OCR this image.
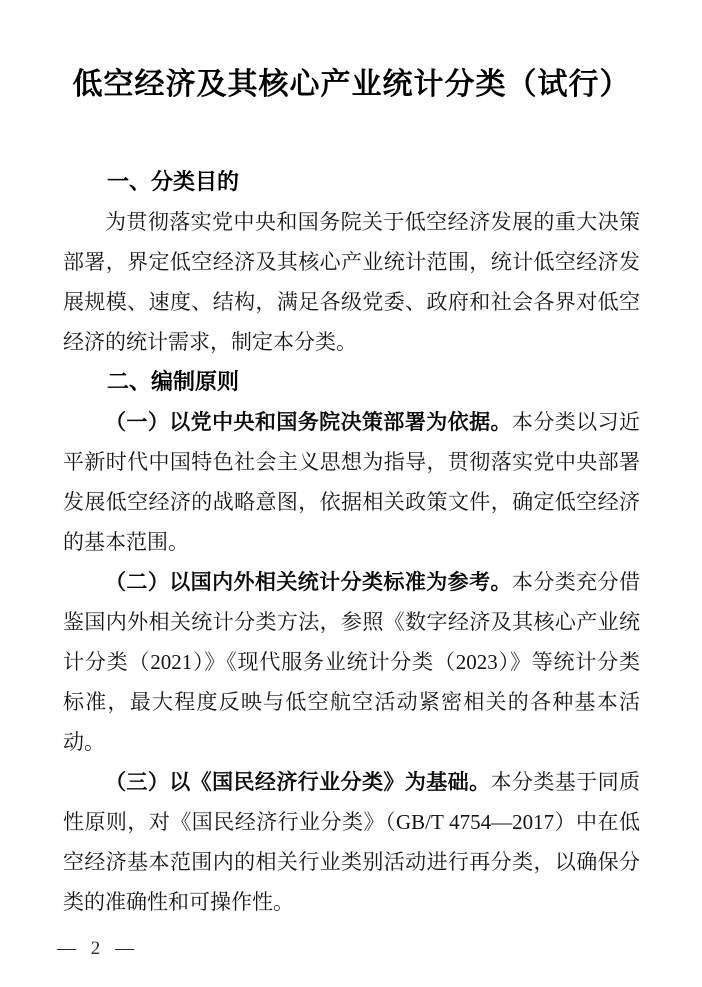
低空经济及其核心产业统计分类（试行）
一、分类目的

为贯彻落实党中央和国务院关于低空经济发展的重大决策部署，界定低空经济及其核心产业统计范围，统计低空经济发展规模、速度、结构，满足各级党委、政府和社会各界对低空经济的统计需求，制定本分类。

二、编制原则

（一）以党中央和国务院决策部署为依据。本分类以习近平新时代中国特色社会主义思想为指导，贯彻落实党中央部署发展低空经济的战略意图，依据相关政策文件，确定低空经济的基本范围。

（二）以国内外相关统计分类标准为参考。本分类充分借鉴国内外相关统计分类方法，参照《数字经济及其核心产业统计分类（2021）》《现代服务业统计分类（2023）》等统计分类标准，最大程度反映与低空航空活动紧密相关的各种基本活动。

（三）以《国民经济行业分类》为基础。本分类基于同质性原则，对《国民经济行业分类》（GB/T 4754—2017）中在低空经济基本范围内的相关行业类别活动进行再分类，以确保分类的准确性和可操作性。

— 2 —
